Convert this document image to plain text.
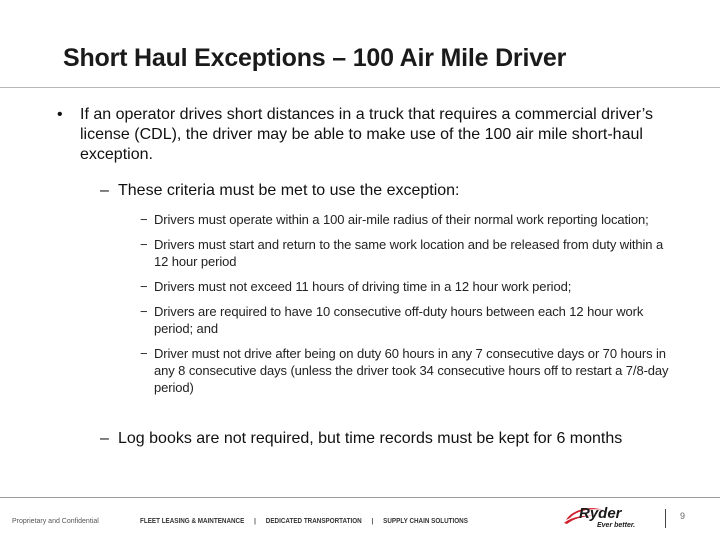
Short Haul Exceptions – 100 Air Mile Driver
• If an operator drives short distances in a truck that requires a commercial driver’s license (CDL), the driver may be able to make use of the 100 air mile short-haul exception.
– These criteria must be met to use the exception:
− Drivers must operate within a 100 air-mile radius of their normal work reporting location;
− Drivers must start and return to the same work location and be released from duty within a 12 hour period
− Drivers must not exceed 11 hours of driving time in a 12 hour work period;
− Drivers are required to have 10 consecutive off-duty hours between each 12 hour work period; and
− Driver must not drive after being on duty 60 hours in any 7 consecutive days or 70 hours in any 8 consecutive days (unless the driver took 34 consecutive hours off to restart a 7/8-day period)
– Log books are not required, but time records must be kept for 6 months
Proprietary and Confidential	FLEET LEASING & MAINTENANCE | DEDICATED TRANSPORTATION | SUPPLY CHAIN SOLUTIONS	Ryder
Ever better.
9
